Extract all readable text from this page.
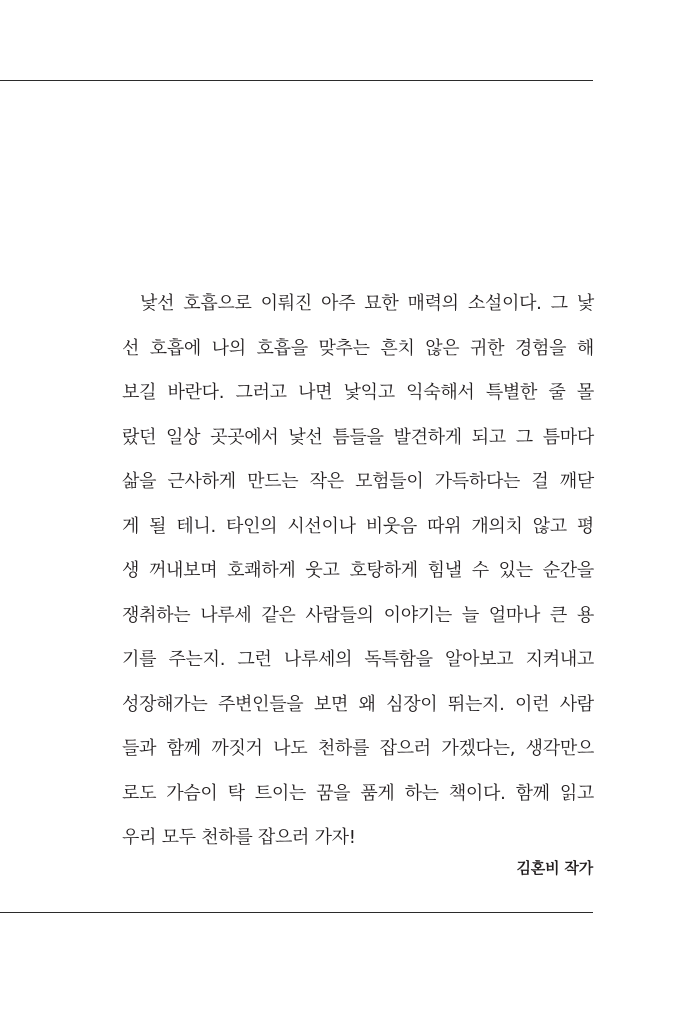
낯선 호흡으로 이뤄진 아주 묘한 매력의 소설이다. 그 낯
선 호흡에 나의 호흡을 맞추는 흔치 않은 귀한 경험을 해
보길 바란다. 그러고 나면 낯익고 익숙해서 특별한 줄 몰
랐던 일상 곳곳에서 낯선 틈들을 발견하게 되고 그 틈마다
삶을 근사하게 만드는 작은 모험들이 가득하다는 걸 깨닫
게 될 테니. 타인의 시선이나 비웃음 따위 개의치 않고 평
생 꺼내보며 호쾌하게 웃고 호탕하게 힘낼 수 있는 순간을
쟁취하는 나루세 같은 사람들의 이야기는 늘 얼마나 큰 용
기를 주는지. 그런 나루세의 독특함을 알아보고 지켜내고
성장해가는 주변인들을 보면 왜 심장이 뛰는지. 이런 사람
들과 함께 까짓거 나도 천하를 잡으러 가겠다는, 생각만으
로도 가슴이 탁 트이는 꿈을 품게 하는 책이다. 함께 읽고
우리 모두 천하를 잡으러 가자!
김혼비 작가
